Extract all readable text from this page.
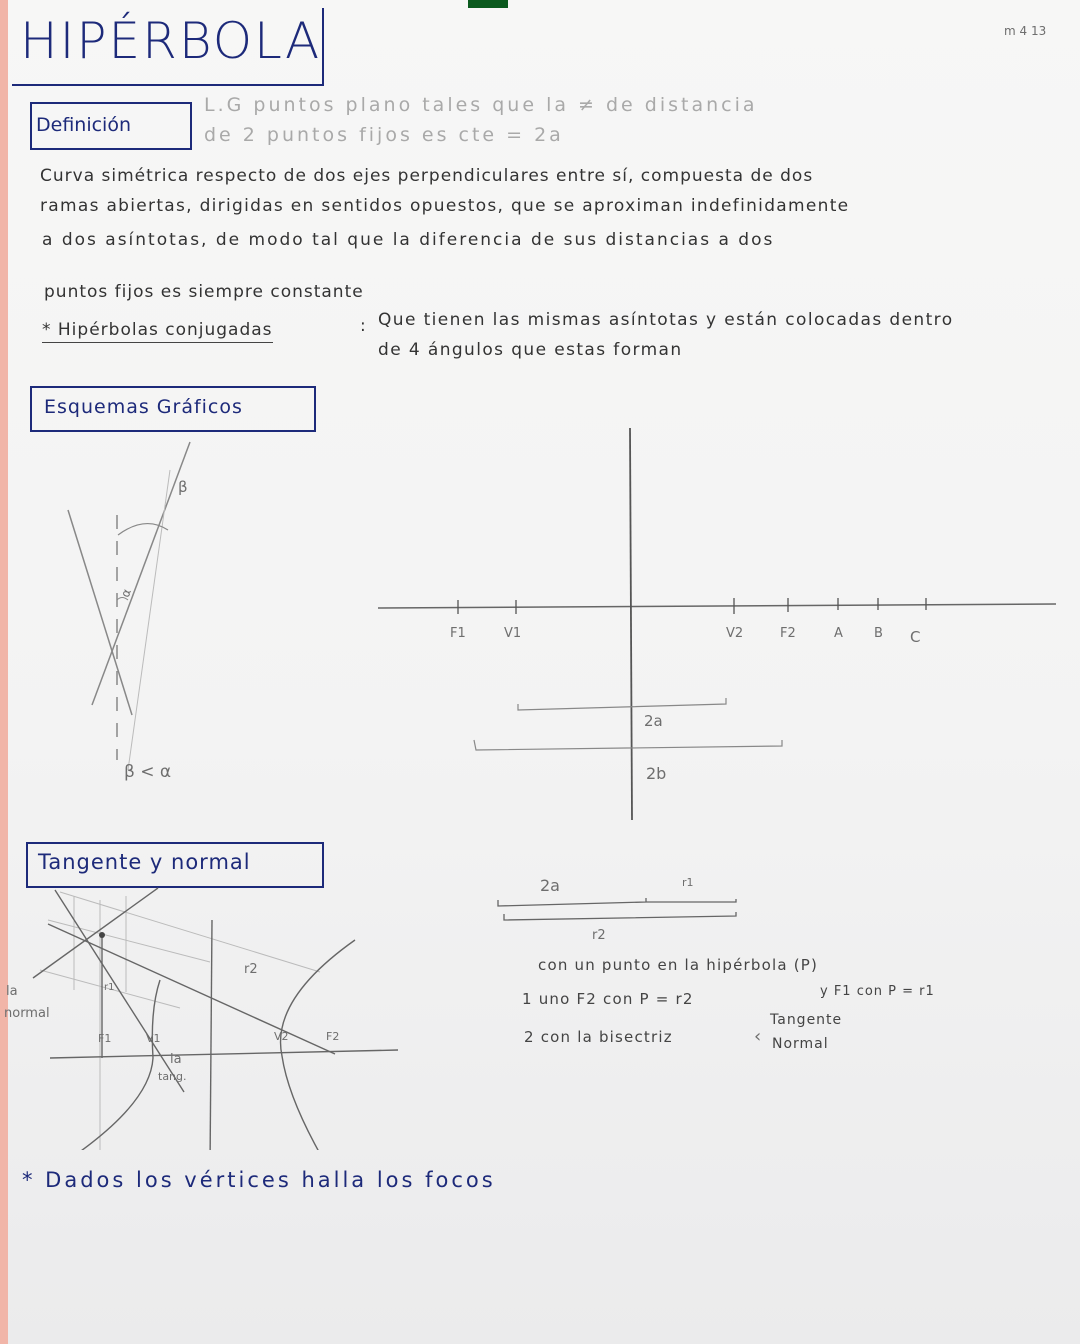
m 4 13
HIPÉRBOLA
Definición
L.G puntos plano tales que la ≠ de distancia
de 2 puntos fijos es cte = 2a
Curva simétrica respecto de dos ejes perpendiculares entre sí, compuesta de dos
ramas abiertas, dirigidas en sentidos opuestos, que se aproximan indefinidamente
a dos asíntotas, de modo tal que la diferencia de sus distancias a dos
puntos fijos es siempre constante
* Hipérbolas conjugadas	: Que tienen las mismas asíntotas y están colocadas dentro
de 4 ángulos que estas forman
Esquemas Gráficos
β
α
β < α
F1	V1	V2	F2	A B C
2a
2b
Tangente y normal
la
normal
r1
r2
F1	V1	V2	F2
la
tang.
2a	r1
r2
con un punto en la hipérbola (P)
1 uno F2 con P = r2	y F1 con P = r1
2 con la bisectriz	‹
Tangente
Normal
* Dados los vértices halla los focos
